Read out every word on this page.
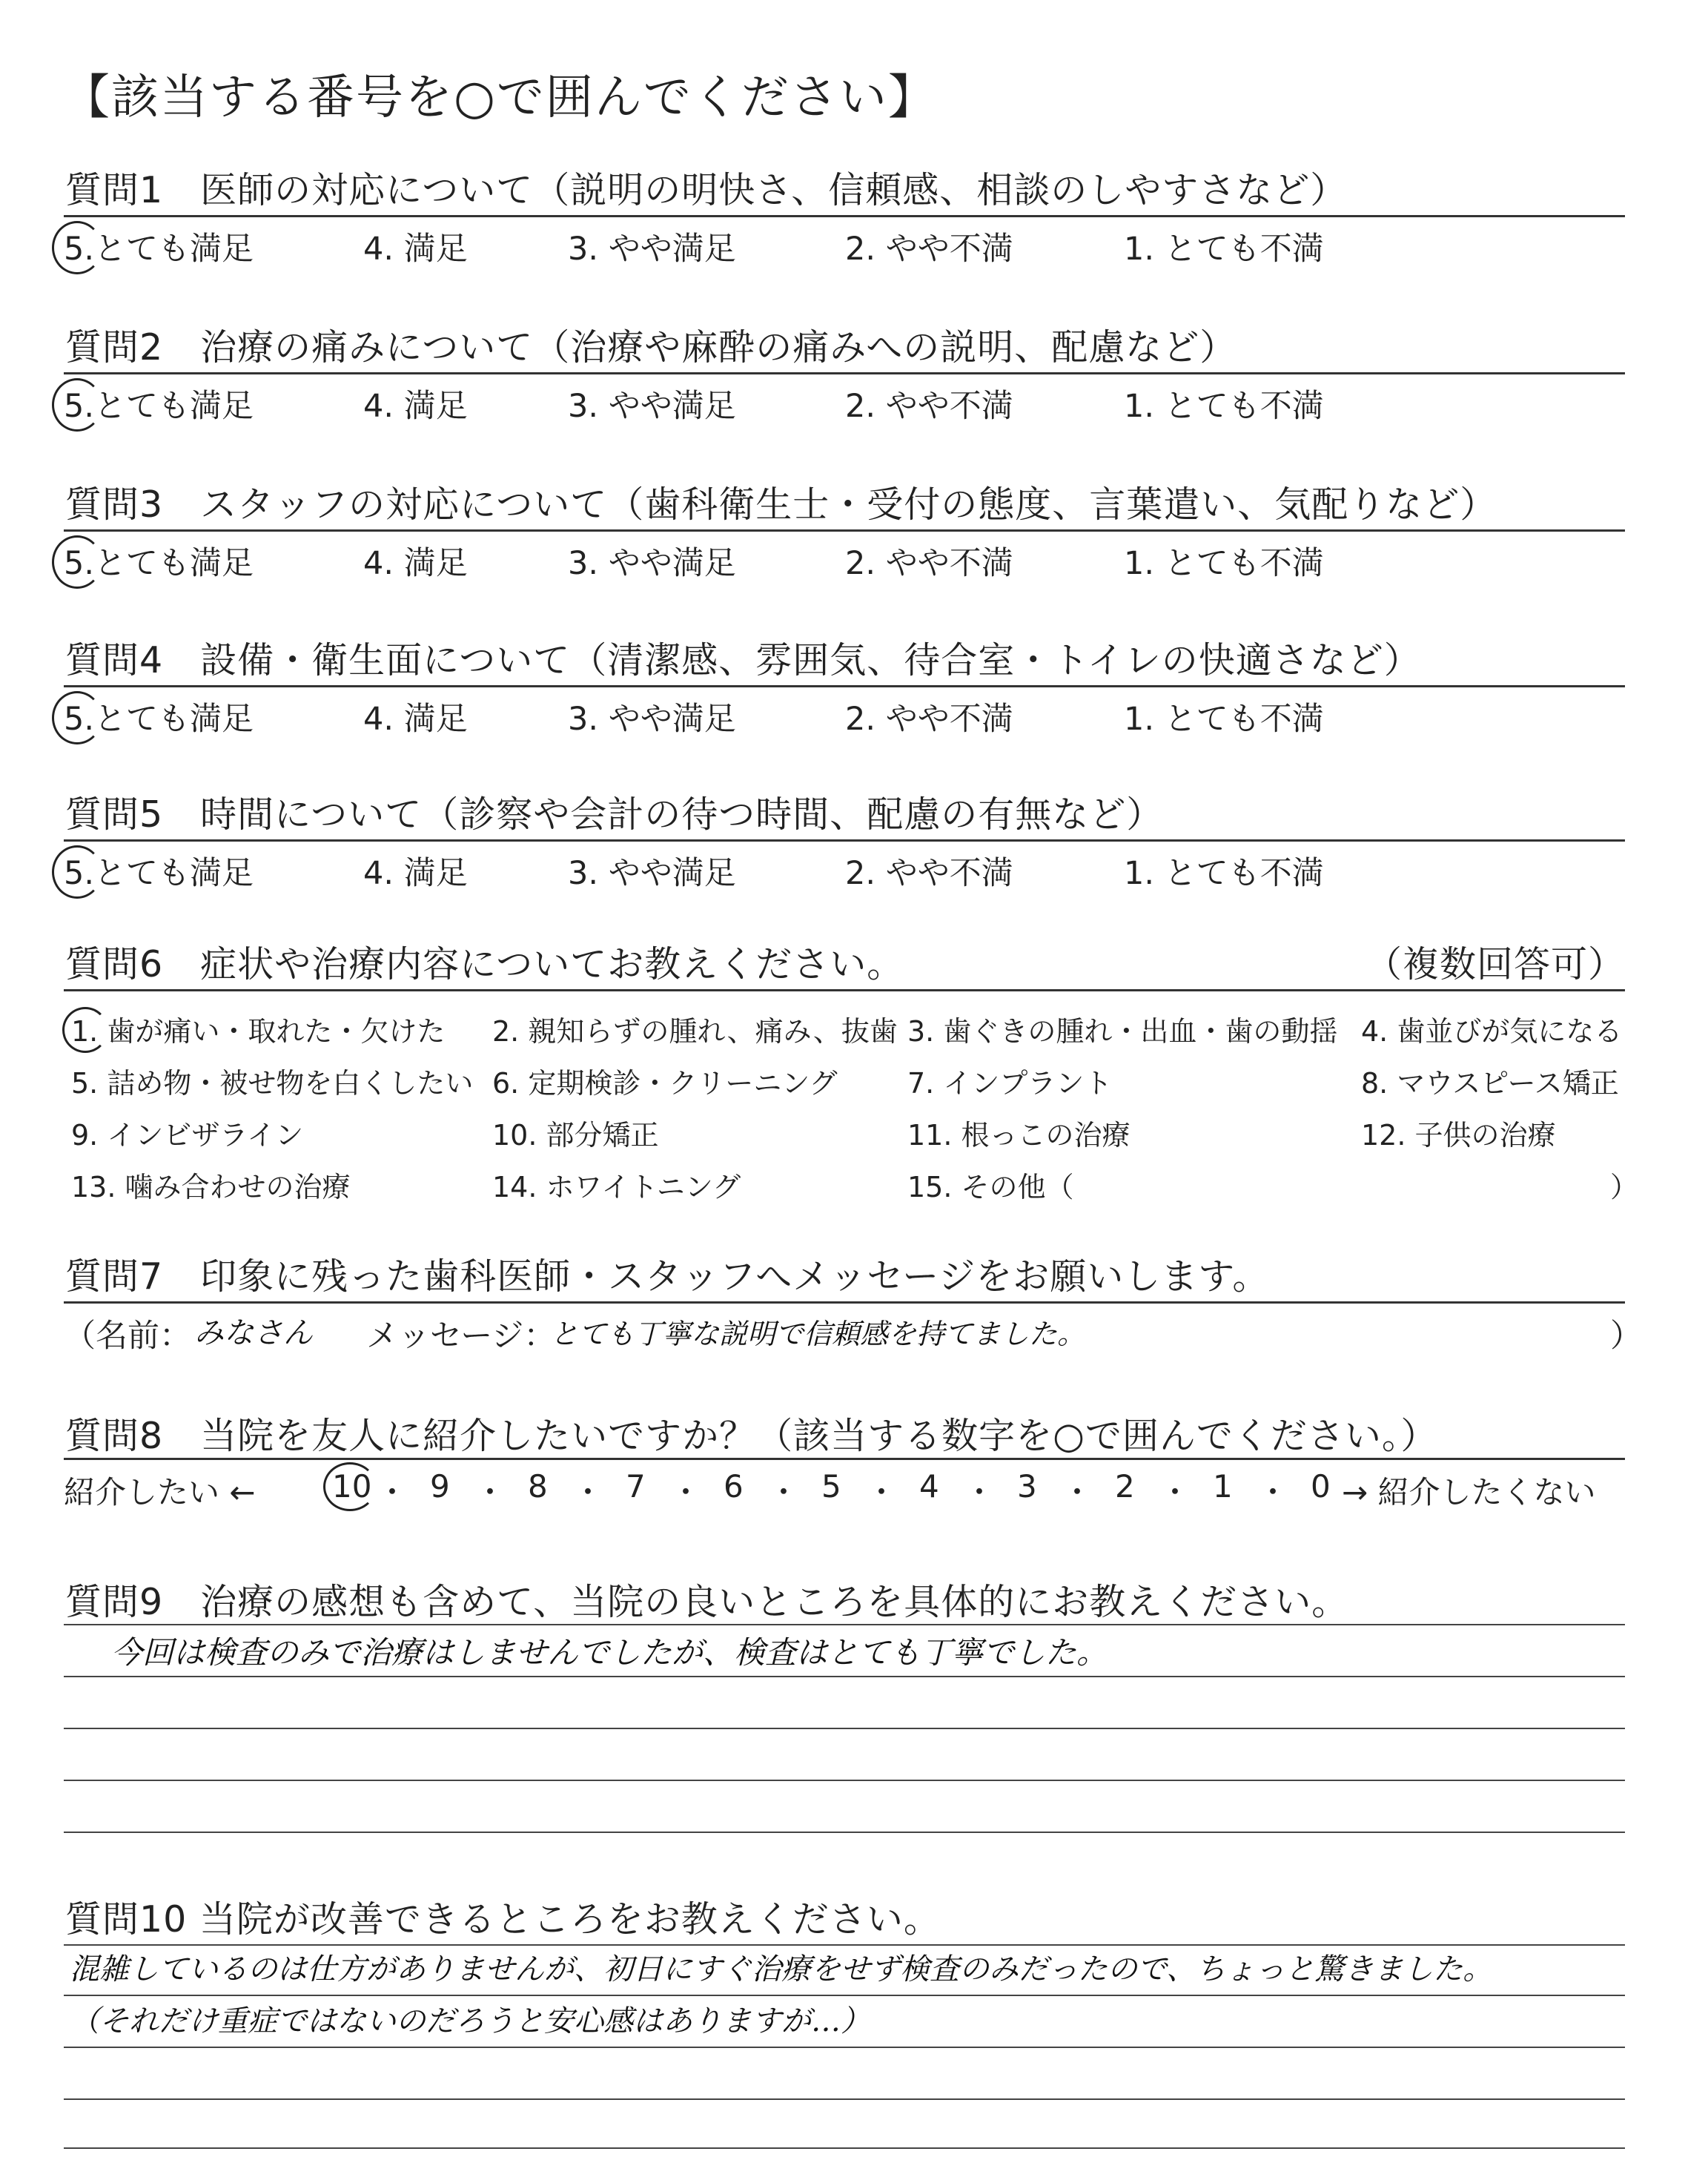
【該当する番号を○で囲んでください】
質問1　医師の対応について（説明の明快さ、信頼感、相談のしやすさなど）
5.とても満足	4. 満足	3. やや満足	2. やや不満	1. とても不満
質問2　治療の痛みについて（治療や麻酔の痛みへの説明、配慮など）
5.とても満足	4. 満足	3. やや満足	2. やや不満	1. とても不満
質問3　スタッフの対応について（歯科衛生士・受付の態度、言葉遣い、気配りなど）
5.とても満足	4. 満足	3. やや満足	2. やや不満	1. とても不満
質問4　設備・衛生面について（清潔感、雰囲気、待合室・トイレの快適さなど）
5.とても満足	4. 満足	3. やや満足	2. やや不満	1. とても不満
質問5　時間について（診察や会計の待つ時間、配慮の有無など）
5.とても満足	4. 満足	3. やや満足	2. やや不満	1. とても不満
質問6　症状や治療内容についてお教えください。	（複数回答可）
1. 歯が痛い・取れた・欠けた 2. 親知らずの腫れ、痛み、抜歯 3. 歯ぐきの腫れ・出血・歯の動揺 4. 歯並びが気になる
5. 詰め物・被せ物を白くしたい 6. 定期検診・クリーニング 7. インプラント	8. マウスピース矯正
9. インビザライン	10. 部分矯正	11. 根っこの治療	12. 子供の治療
13. 噛み合わせの治療	14. ホワイトニング	15. その他（	）
質問7　印象に残った歯科医師・スタッフへメッセージをお願いします。
（名前： みなさん メッセージ：
とても丁寧な説明で信頼感を持てました。	）
質問8　当院を友人に紹介したいですか？（該当する数字を○で囲んでください。）
紹介したい ← 10 ・ 9 ・ 8 ・ 7 ・ 6 ・ 5 ・ 4 ・ 3 ・ 2 ・ 1 ・ 0 → 紹介したくない
質問9　治療の感想も含めて、当院の良いところを具体的にお教えください。
今回は検査のみで治療はしませんでしたが、検査はとても丁寧でした。
質問10 当院が改善できるところをお教えください。
混雑しているのは仕方がありませんが、初日にすぐ治療をせず検査のみだったので、ちょっと驚きました。
（それだけ重症ではないのだろうと安心感はありますが…）
